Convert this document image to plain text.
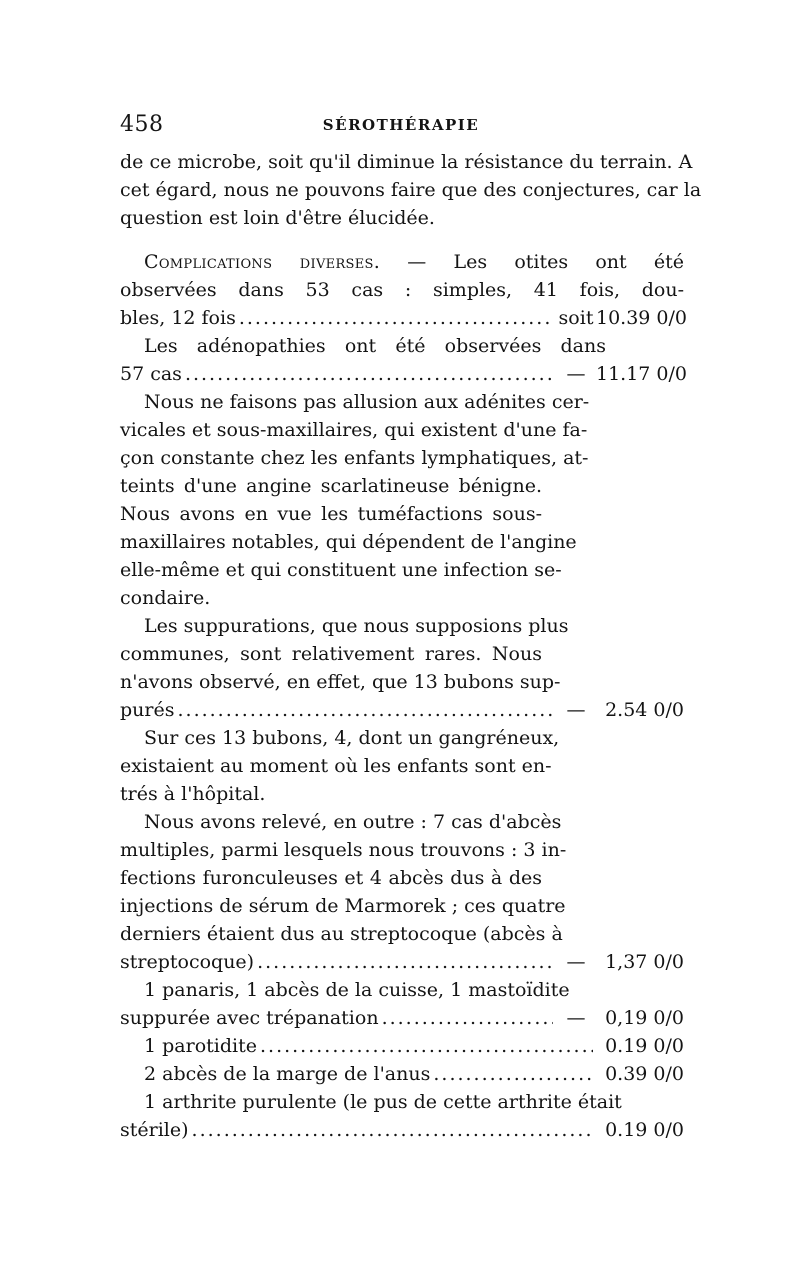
458	SÉROTHÉRAPIE
de ce microbe, soit qu'il diminue la résistance du terrain. A
cet égard, nous ne pouvons faire que des conjectures, car la
question est loin d'être élucidée.
Complications diverses. — Les otites ont été
observées dans 53 cas : simples, 41 fois, dou-
bles, 12 fois .....	soit 10.39 0/0
Les adénopathies ont été observées dans
57 cas .....	— 11.17 0/0
Nous ne faisons pas allusion aux adénites cer-
vicales et sous-maxillaires, qui existent d'une fa-
çon constante chez les enfants lymphatiques, at-
teints d'une angine scarlatineuse bénigne.
Nous avons en vue les tuméfactions sous-
maxillaires notables, qui dépendent de l'angine
elle-même et qui constituent une infection se-
condaire.
Les suppurations, que nous supposions plus
communes, sont relativement rares. Nous
n'avons observé, en effet, que 13 bubons sup-
purés .....	—	2.54 0/0
Sur ces 13 bubons, 4, dont un gangréneux,
existaient au moment où les enfants sont en-
trés à l'hôpital.
Nous avons relevé, en outre : 7 cas d'abcès
multiples, parmi lesquels nous trouvons : 3 in-
fections furonculeuses et 4 abcès dus à des
injections de sérum de Marmorek ; ces quatre
derniers étaient dus au streptocoque (abcès à
streptocoque) .....	—	1,37 0/0
1 panaris, 1 abcès de la cuisse, 1 mastoïdite
suppurée avec trépanation .....	—	0,19 0/0
1 parotidite .....	0.19 0/0
2 abcès de la marge de l'anus .....	0.39 0/0
1 arthrite purulente (le pus de cette arthrite était
stérile) .....	0.19 0/0
